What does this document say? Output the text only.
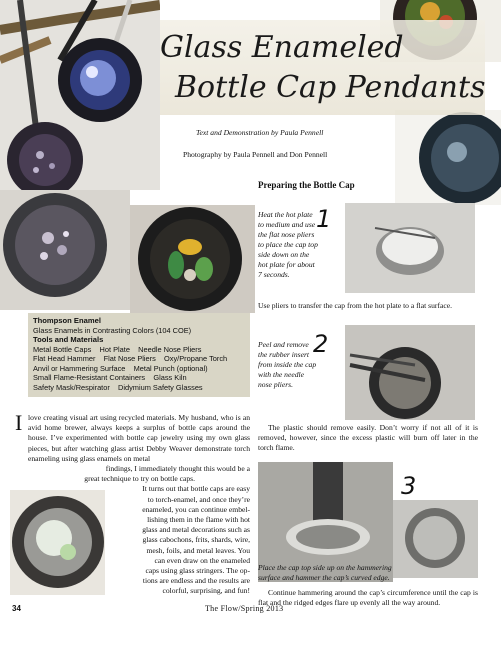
Glass Enameled
Bottle Cap Pendants
Text and Demonstration by Paula Pennell
Photography by Paula Pennell and Don Pennell
Preparing the Bottle Cap
Heat the hot plate to medium and use the flat nose pliers to place the cap top side down on the hot plate for about 7 seconds.
1
Use pliers to transfer the cap from the hot plate to a flat surface.
Peel and remove the rubber insert from inside the cap with the needle nose pliers.
2
The plastic should remove easily. Don’t worry if not all of it is removed, however, since the excess plastic will burn off later in the torch flame.
3
Place the cap top side up on the hammering surface and hammer the cap’s curved edge.
Continue hammering around the cap’s circumference until the cap is flat and the ridged edges flare up evenly all the way around.
Thompson Enamel
Glass Enamels in Contrasting Colors (104 COE)
Tools and Materials
Metal Bottle Caps    Hot Plate    Needle Nose Pliers
Flat Head Hammer    Flat Nose Pliers    Oxy/Propane Torch
Anvil or Hammering Surface    Metal Punch (optional)
Small Flame-Resistant Containers    Glass Kiln
Safety Mask/Respirator    Didymium Safety Glasses
I love creating visual art using recycled materials. My husband, who is an avid home brewer, always keeps a surplus of bottle caps around the house. I’ve experimented with bottle cap jewelry using my own glass pieces, but after watching glass artist Debby Weaver demonstrate torch enameling using glass enamels on metal
findings, I immediately thought this would be a
great technique to try on bottle caps.
It turns out that bottle caps are easy
to torch-enamel, and once they’re
enameled, you can continue embel-
lishing them in the flame with hot
glass and metal decorations such as
glass cabochons, frits, shards, wire,
mesh, foils, and metal leaves. You
can even draw on the enameled
caps using glass stringers. The op-
tions are endless and the results are
colorful, surprising, and fun!
34	The Flow/Spring 2013
